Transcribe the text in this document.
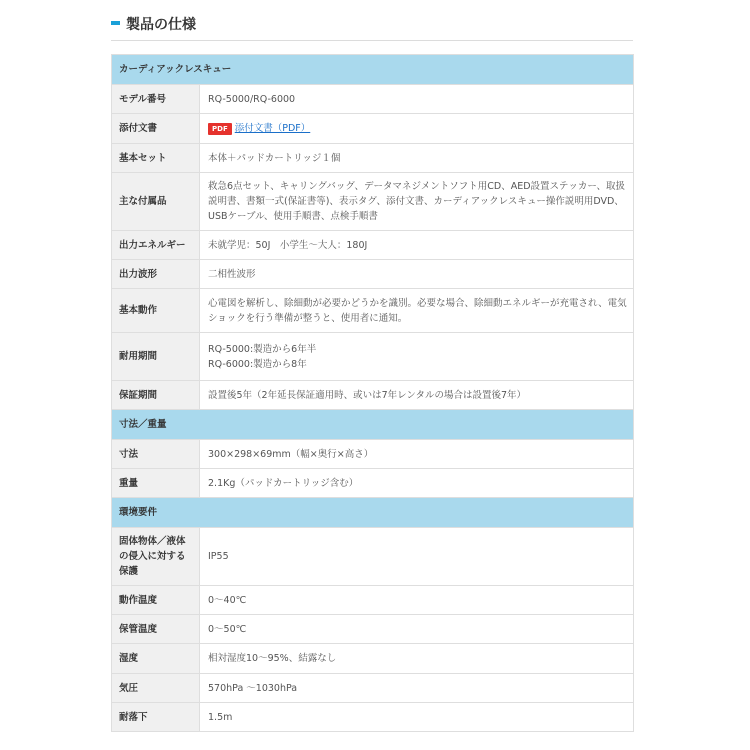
製品の仕様
カーディアックレスキュー	
モデル番号	RQ-5000/RQ-6000
添付文書	PDF 添付文書（PDF）
基本セット	本体＋パッドカートリッジ１個
主な付属品	救急6点セット、キャリングバッグ、データマネジメントソフト用CD、AED設置ステッカー、取扱
説明書、書類一式(保証書等)、表示タグ、添付文書、カーディアックレスキュー操作説明用DVD、
USBケーブル、使用手順書、点検手順書

出力エネルギー	未就学児：50J　小学生〜大人：180J
出力波形	二相性波形
基本動作	心電図を解析し、除細動が必要かどうかを識別。必要な場合、除細動エネルギーが充電され、電気
ショックを行う準備が整うと、使用者に通知。

耐用期間	RQ-5000:製造から6年半
RQ-6000:製造から8年

保証期間	設置後5年（2年延長保証適用時、或いは7年レンタルの場合は設置後7年）
寸法／重量	
寸法	300×298×69mm（幅×奥行×高さ）
重量	2.1Kg（パッドカートリッジ含む）
環境要件	

固体物体／液体
の侵入に対する
保護	IP55
動作温度	0〜40℃
保管温度	0〜50℃
湿度	相対湿度10〜95%、結露なし
気圧	570hPa 〜1030hPa
耐落下	1.5m
